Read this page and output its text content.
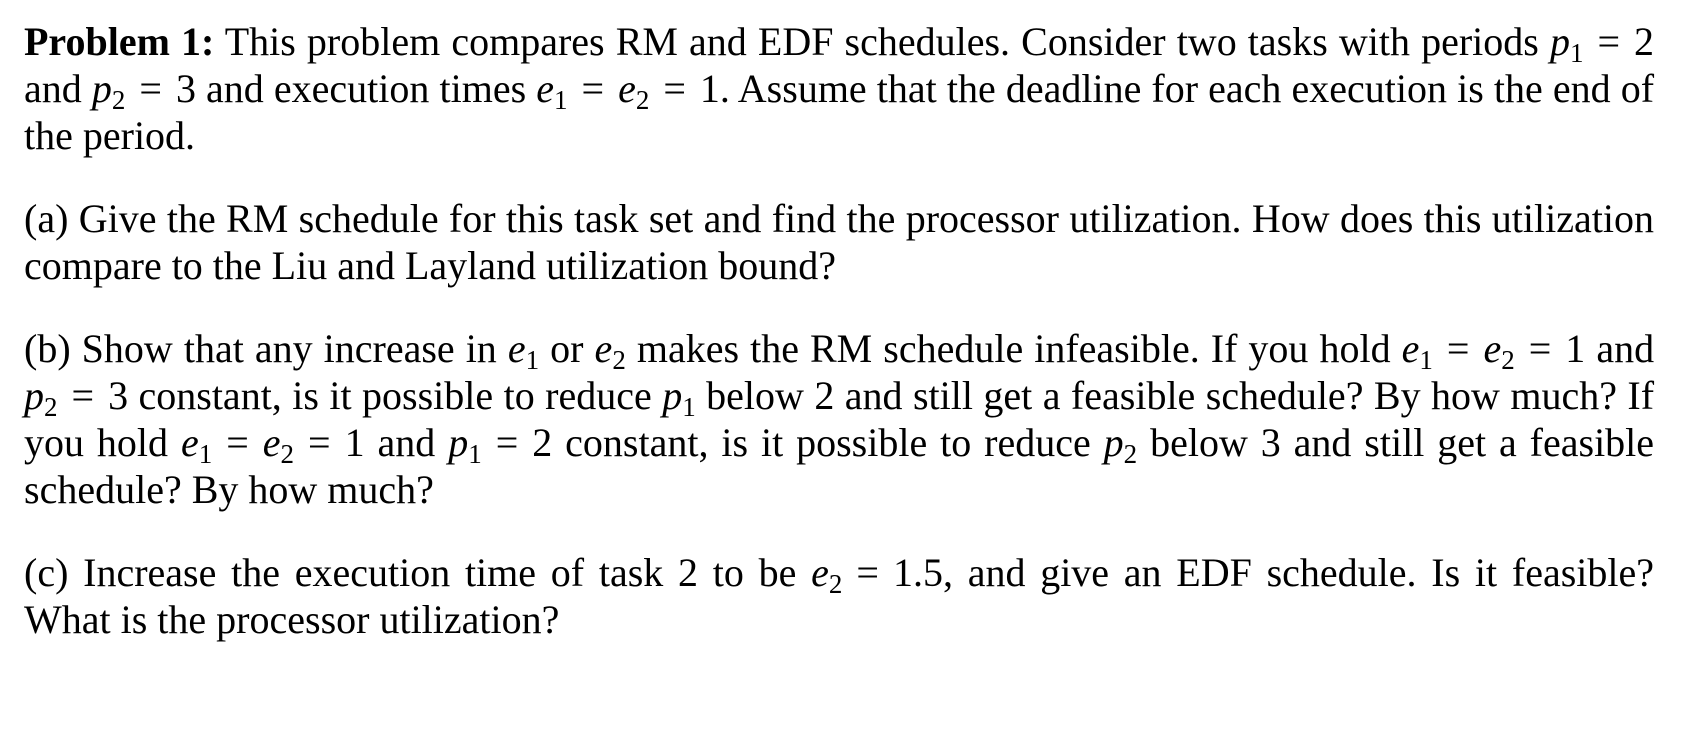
Problem 1: This problem compares RM and EDF schedules. Consider two tasks with periods p1 = 2 and p2 = 3 and execution times e1 = e2 = 1. Assume that the deadline for each execution is the end of the period.

(a) Give the RM schedule for this task set and find the processor utilization. How does this utilization compare to the Liu and Layland utilization bound?

(b) Show that any increase in e1 or e2 makes the RM schedule infeasible. If you hold e1 = e2 = 1 and p2 = 3 constant, is it possible to reduce p1 below 2 and still get a feasible schedule? By how much? If you hold e1 = e2 = 1 and p1 = 2 constant, is it possible to reduce p2 below 3 and still get a feasible schedule? By how much?

(c) Increase the execution time of task 2 to be e2 = 1.5, and give an EDF schedule. Is it feasible? What is the processor utilization?
